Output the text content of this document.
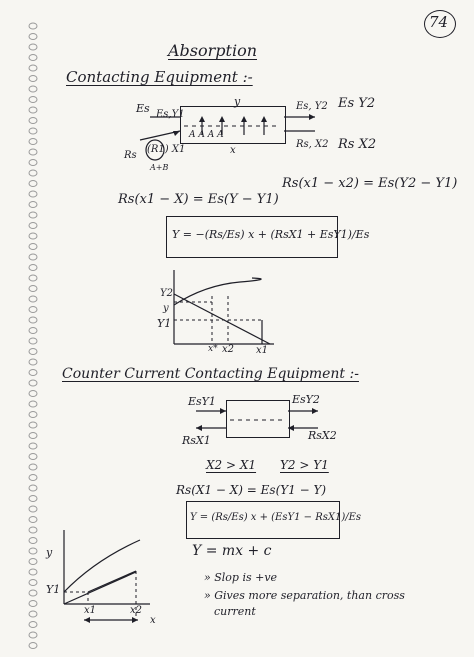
74
Absorption
Contacting Equipment :-
Es Es,Y1
y	Es, Y2 Es Y2
A A A A
x
Rs, X2 Rs X2
Rs
(R1) X1
A+B
Rs(x1 − x2) = Es(Y2 − Y1)
Rs(x1 − X) = Es(Y − Y1)
Y = −(Rs/Es) x + (RsX1 + EsY1)/Es
Y2
y
Y1
x* x2 x1
Counter Current Contacting Equipment :-
EsY1	EsY2
RsX1	RsX2
X2 > X1 Y2 > Y1
Rs(X1 − X) = Es(Y1 − Y)
Y = (Rs/Es) x + (EsY1 − RsX1)/Es
Y = mx + c
» Slop is +ve
» Gives more separation, than cross
current
y
Y1
x1	x2
x
